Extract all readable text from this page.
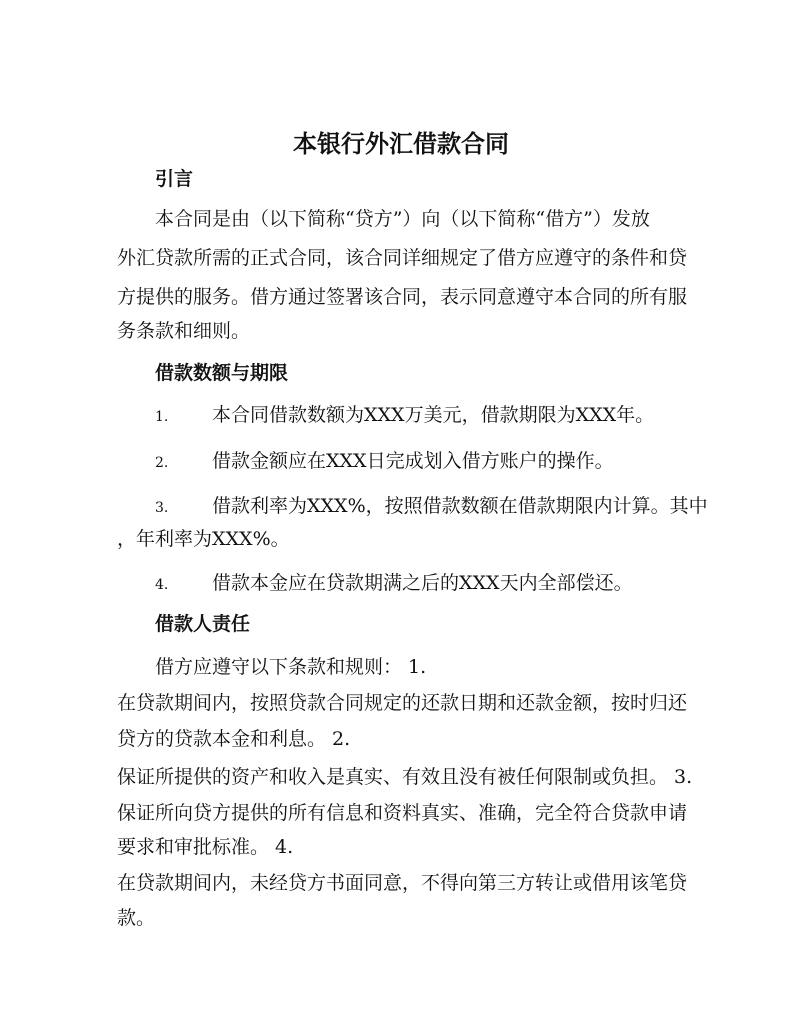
本银行外汇借款合同
引言
本合同是由（以下简称“贷方”）向（以下简称“借方”）发放
外汇贷款所需的正式合同，该合同详细规定了借方应遵守的条件和贷
方提供的服务。借方通过签署该合同，表示同意遵守本合同的所有服
务条款和细则。
借款数额与期限
1. 本合同借款数额为XXX万美元，借款期限为XXX年。
2. 借款金额应在XXX日完成划入借方账户的操作。
3. 借款利率为XXX%，按照借款数额在借款期限内计算。其中
，年利率为XXX%。
4. 借款本金应在贷款期满之后的XXX天内全部偿还。
借款人责任
借方应遵守以下条款和规则： 1.
在贷款期间内，按照贷款合同规定的还款日期和还款金额，按时归还
贷方的贷款本金和利息。 2.
保证所提供的资产和收入是真实、有效且没有被任何限制或负担。 3.
保证所向贷方提供的所有信息和资料真实、准确，完全符合贷款申请
要求和审批标准。 4.
在贷款期间内，未经贷方书面同意，不得向第三方转让或借用该笔贷
款。
